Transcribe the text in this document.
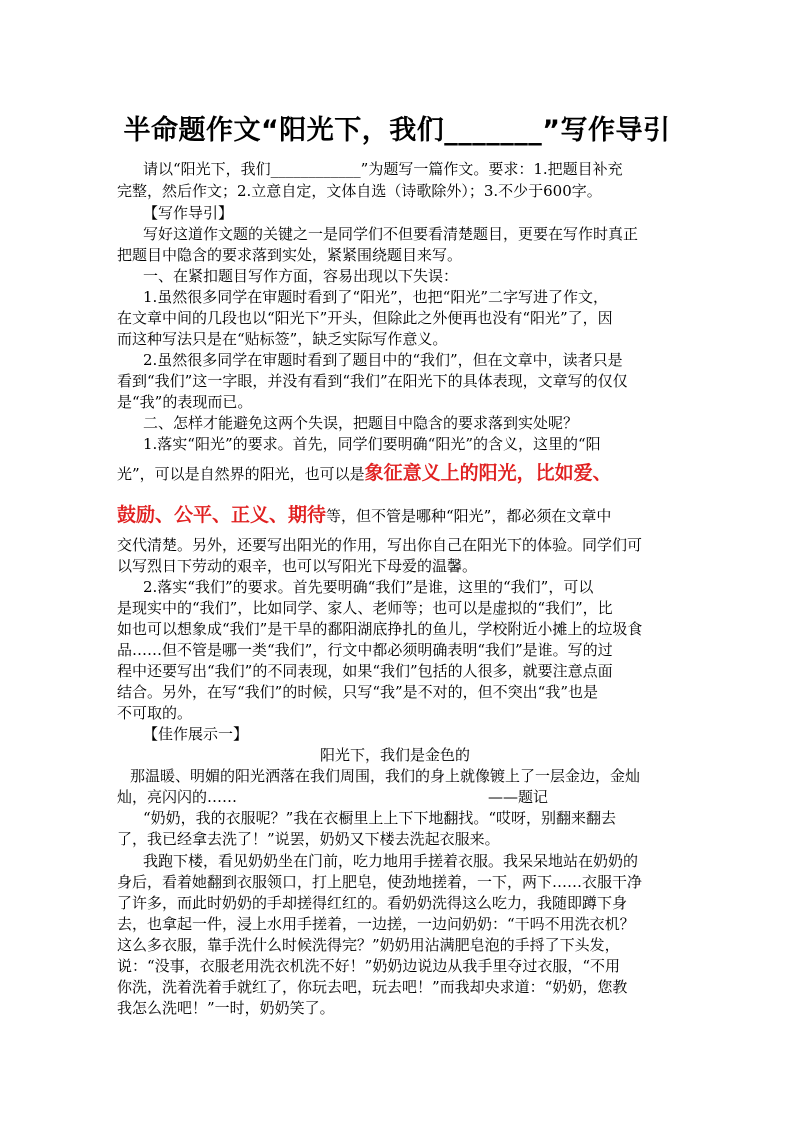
半命题作文“阳光下，我们_______”写作导引
请以“阳光下，我们____________”为题写一篇作文。要求：1.把题目补充
完整，然后作文；2.立意自定，文体自选（诗歌除外）；3.不少于600字。
【写作导引】
写好这道作文题的关键之一是同学们不但要看清楚题目，更要在写作时真正
把题目中隐含的要求落到实处，紧紧围绕题目来写。
一、在紧扣题目写作方面，容易出现以下失误：
1.虽然很多同学在审题时看到了“阳光”，也把“阳光”二字写进了作文，
在文章中间的几段也以“阳光下”开头，但除此之外便再也没有“阳光”了，因
而这种写法只是在“贴标签”，缺乏实际写作意义。
2.虽然很多同学在审题时看到了题目中的“我们”，但在文章中，读者只是
看到“我们”这一字眼，并没有看到“我们”在阳光下的具体表现，文章写的仅仅
是“我”的表现而已。
二、怎样才能避免这两个失误，把题目中隐含的要求落到实处呢？
1.落实“阳光”的要求。首先，同学们要明确“阳光”的含义，这里的“阳
光”，可以是自然界的阳光，也可以是象征意义上的阳光，比如爱、
鼓励、公平、正义、期待等，但不管是哪种“阳光”，都必须在文章中
交代清楚。另外，还要写出阳光的作用，写出你自己在阳光下的体验。同学们可
以写烈日下劳动的艰辛，也可以写阳光下母爱的温馨。
2.落实“我们”的要求。首先要明确“我们”是谁，这里的“我们”，可以
是现实中的“我们”，比如同学、家人、老师等；也可以是虚拟的“我们”，比
如也可以想象成“我们”是干旱的鄱阳湖底挣扎的鱼儿，学校附近小摊上的垃圾食
品……但不管是哪一类“我们”，行文中都必须明确表明“我们”是谁。写的过
程中还要写出“我们”的不同表现，如果“我们”包括的人很多，就要注意点面
结合。另外，在写“我们”的时候，只写“我”是不对的，但不突出“我”也是
不可取的。
【佳作展示一】
阳光下，我们是金色的
那温暖、明媚的阳光洒落在我们周围，我们的身上就像镀上了一层金边，金灿
灿，亮闪闪的……	——题记
“奶奶，我的衣服呢？”我在衣橱里上上下下地翻找。“哎呀，别翻来翻去
了，我已经拿去洗了！”说罢，奶奶又下楼去洗起衣服来。
我跑下楼，看见奶奶坐在门前，吃力地用手搓着衣服。我呆呆地站在奶奶的
身后，看着她翻到衣服领口，打上肥皂，使劲地搓着，一下，两下……衣服干净
了许多，而此时奶奶的手却搓得红红的。看奶奶洗得这么吃力，我随即蹲下身
去，也拿起一件，浸上水用手搓着，一边搓，一边问奶奶：“干吗不用洗衣机？
这么多衣服，靠手洗什么时候洗得完？”奶奶用沾满肥皂泡的手捋了下头发，
说：“没事，衣服老用洗衣机洗不好！”奶奶边说边从我手里夺过衣服，“不用
你洗，洗着洗着手就红了，你玩去吧，玩去吧！”而我却央求道：“奶奶，您教
我怎么洗吧！”一时，奶奶笑了。
